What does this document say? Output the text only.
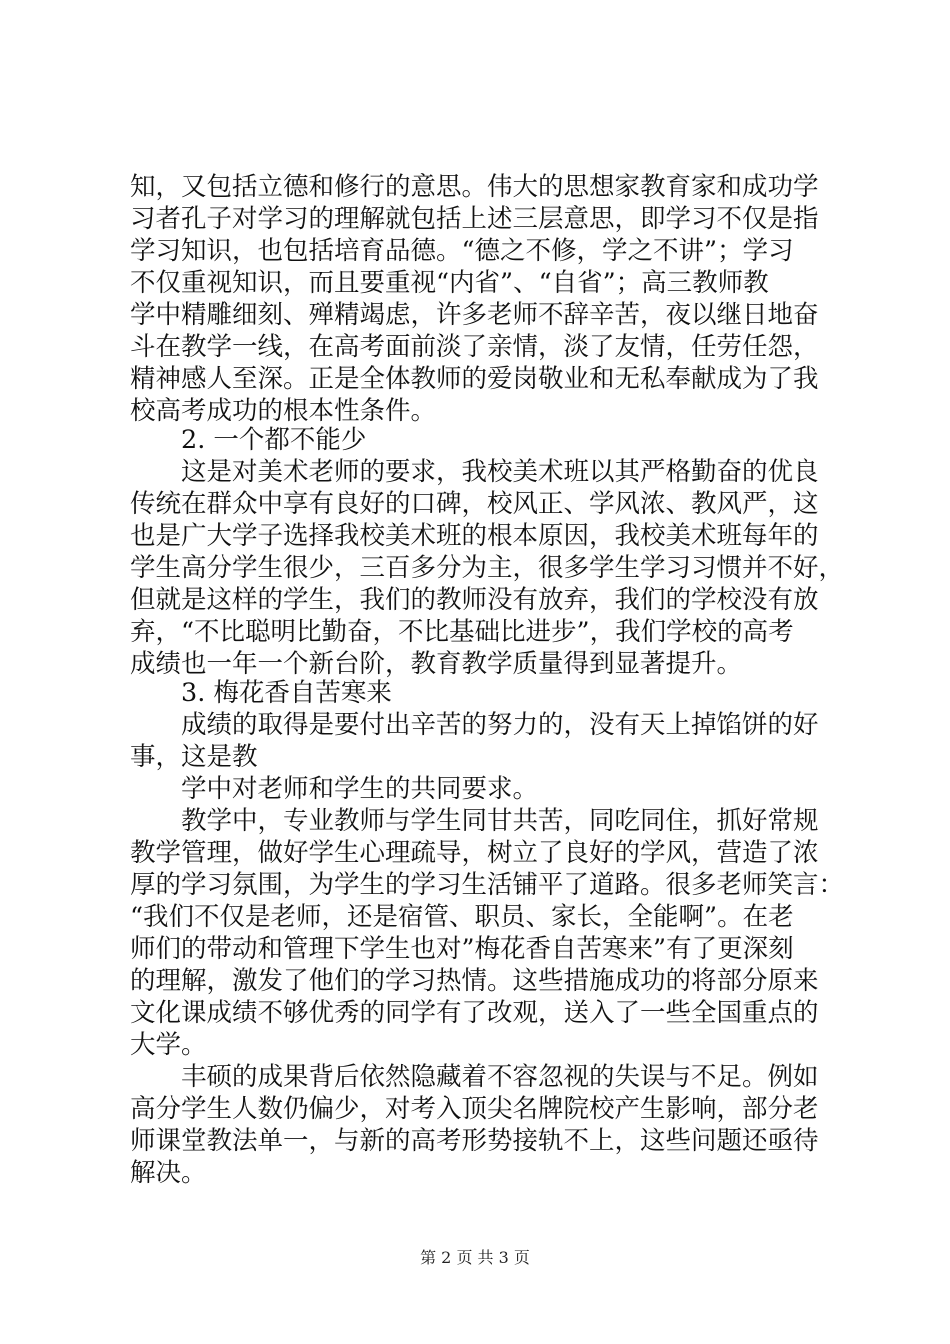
知，又包括立德和修行的意思。伟大的思想家教育家和成功学
习者孔子对学习的理解就包括上述三层意思，即学习不仅是指
学习知识，也包括培育品德。“德之不修，学之不讲”；学习
不仅重视知识，而且要重视“内省”、“自省”；高三教师教
学中精雕细刻、殚精竭虑，许多老师不辞辛苦，夜以继日地奋
斗在教学一线，在高考面前淡了亲情，淡了友情，任劳任怨，
精神感人至深。正是全体教师的爱岗敬业和无私奉献成为了我
校高考成功的根本性条件。
2. 一个都不能少
这是对美术老师的要求，我校美术班以其严格勤奋的优良
传统在群众中享有良好的口碑，校风正、学风浓、教风严，这
也是广大学子选择我校美术班的根本原因，我校美术班每年的
学生高分学生很少，三百多分为主，很多学生学习习惯并不好，
但就是这样的学生，我们的教师没有放弃，我们的学校没有放
弃，“不比聪明比勤奋，不比基础比进步”，我们学校的高考
成绩也一年一个新台阶，教育教学质量得到显著提升。
3. 梅花香自苦寒来
成绩的取得是要付出辛苦的努力的，没有天上掉馅饼的好
事，这是教
学中对老师和学生的共同要求。
教学中，专业教师与学生同甘共苦，同吃同住，抓好常规
教学管理，做好学生心理疏导，树立了良好的学风，营造了浓
厚的学习氛围，为学生的学习生活铺平了道路。很多老师笑言：
“我们不仅是老师，还是宿管、职员、家长，全能啊”。在老
师们的带动和管理下学生也对”梅花香自苦寒来”有了更深刻
的理解，激发了他们的学习热情。这些措施成功的将部分原来
文化课成绩不够优秀的同学有了改观，送入了一些全国重点的
大学。
丰硕的成果背后依然隐藏着不容忽视的失误与不足。例如
高分学生人数仍偏少，对考入顶尖名牌院校产生影响，部分老
师课堂教法单一，与新的高考形势接轨不上，这些问题还亟待
解决。
第 2 页 共 3 页
